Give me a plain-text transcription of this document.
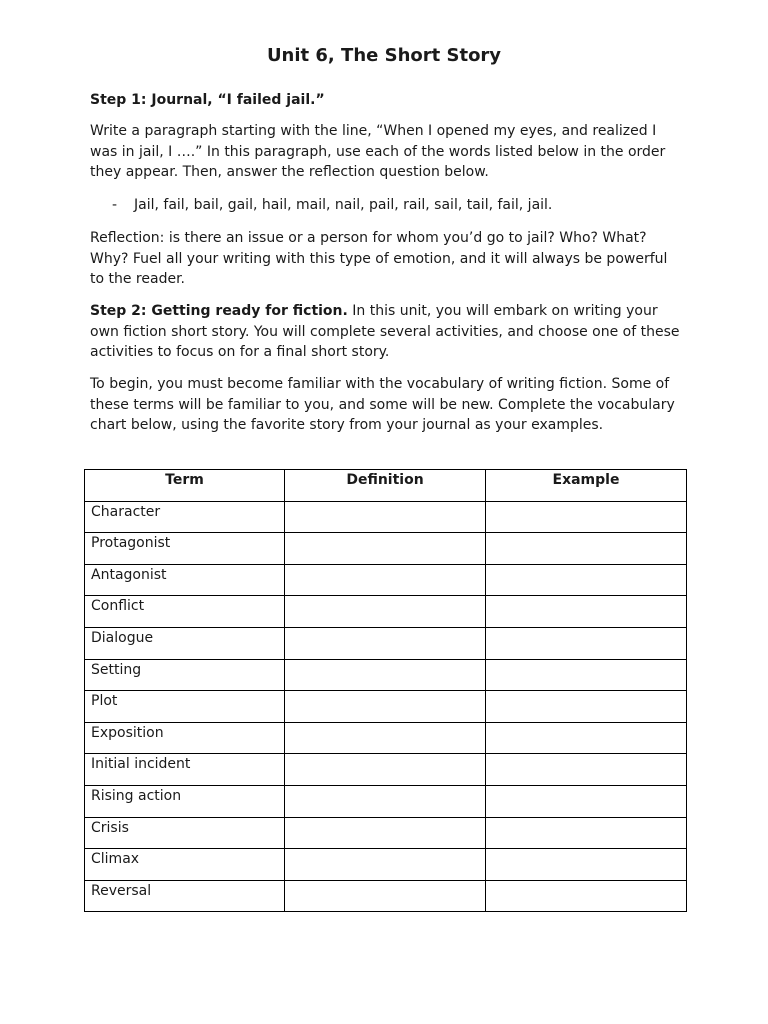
Unit 6, The Short Story
Step 1: Journal, “I failed jail.”
Write a paragraph starting with the line, “When I opened my eyes, and realized I was in jail, I ….” In this paragraph, use each of the words listed below in the order they appear. Then, answer the reflection question below.
- Jail, fail, bail, gail, hail, mail, nail, pail, rail, sail, tail, fail, jail.
Reflection: is there an issue or a person for whom you’d go to jail? Who? What? Why? Fuel all your writing with this type of emotion, and it will always be powerful to the reader.
Step 2: Getting ready for fiction. In this unit, you will embark on writing your own fiction short story. You will complete several activities, and choose one of these activities to focus on for a final short story.
To begin, you must become familiar with the vocabulary of writing fiction. Some of these terms will be familiar to you, and some will be new. Complete the vocabulary chart below, using the favorite story from your journal as your examples.
Term	Definition	Example
Character		
Protagonist		
Antagonist		
Conflict		
Dialogue		
Setting		
Plot		
Exposition		
Initial incident		
Rising action		
Crisis		
Climax		
Reversal		
